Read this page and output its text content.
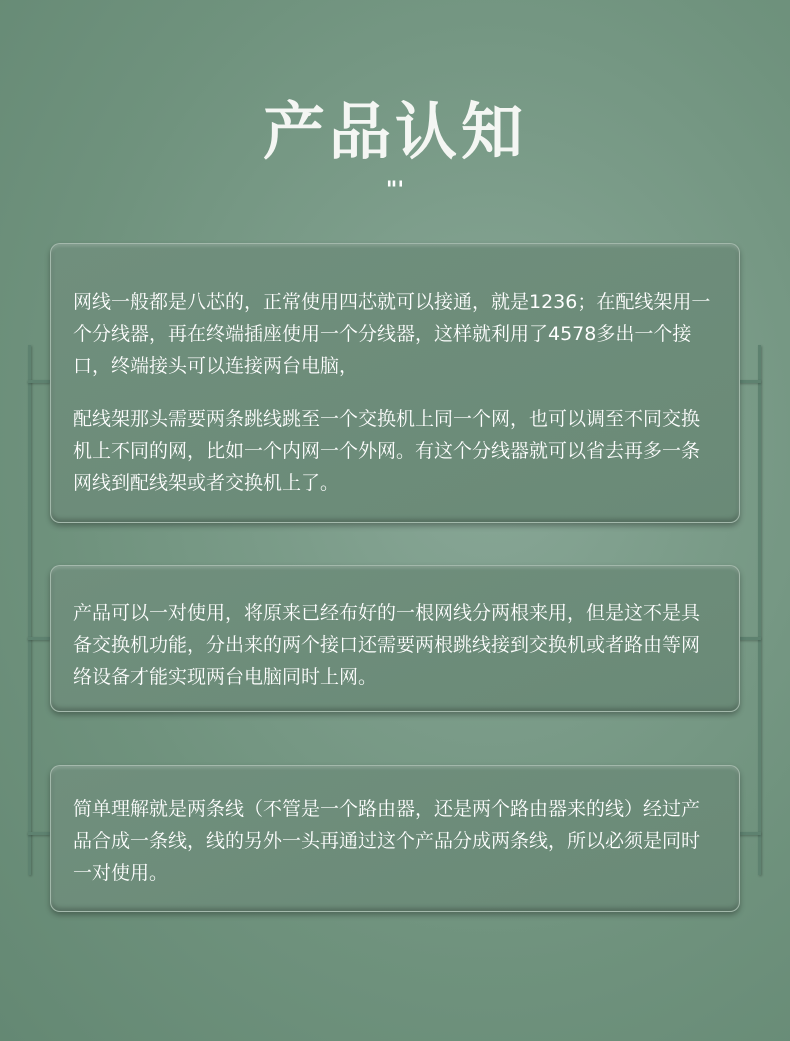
产品认知
"'

网线一般都是八芯的，正常使用四芯就可以接通，就是1236；在配线架用一个分线器，再在终端插座使用一个分线器，这样就利用了4578多出一个接口，终端接头可以连接两台电脑，

配线架那头需要两条跳线跳至一个交换机上同一个网，也可以调至不同交换机上不同的网，比如一个内网一个外网。有这个分线器就可以省去再多一条网线到配线架或者交换机上了。

产品可以一对使用，将原来已经布好的一根网线分两根来用，但是这不是具备交换机功能，分出来的两个接口还需要两根跳线接到交换机或者路由等网络设备才能实现两台电脑同时上网。

简单理解就是两条线（不管是一个路由器，还是两个路由器来的线）经过产品合成一条线，线的另外一头再通过这个产品分成两条线，所以必须是同时一对使用。
